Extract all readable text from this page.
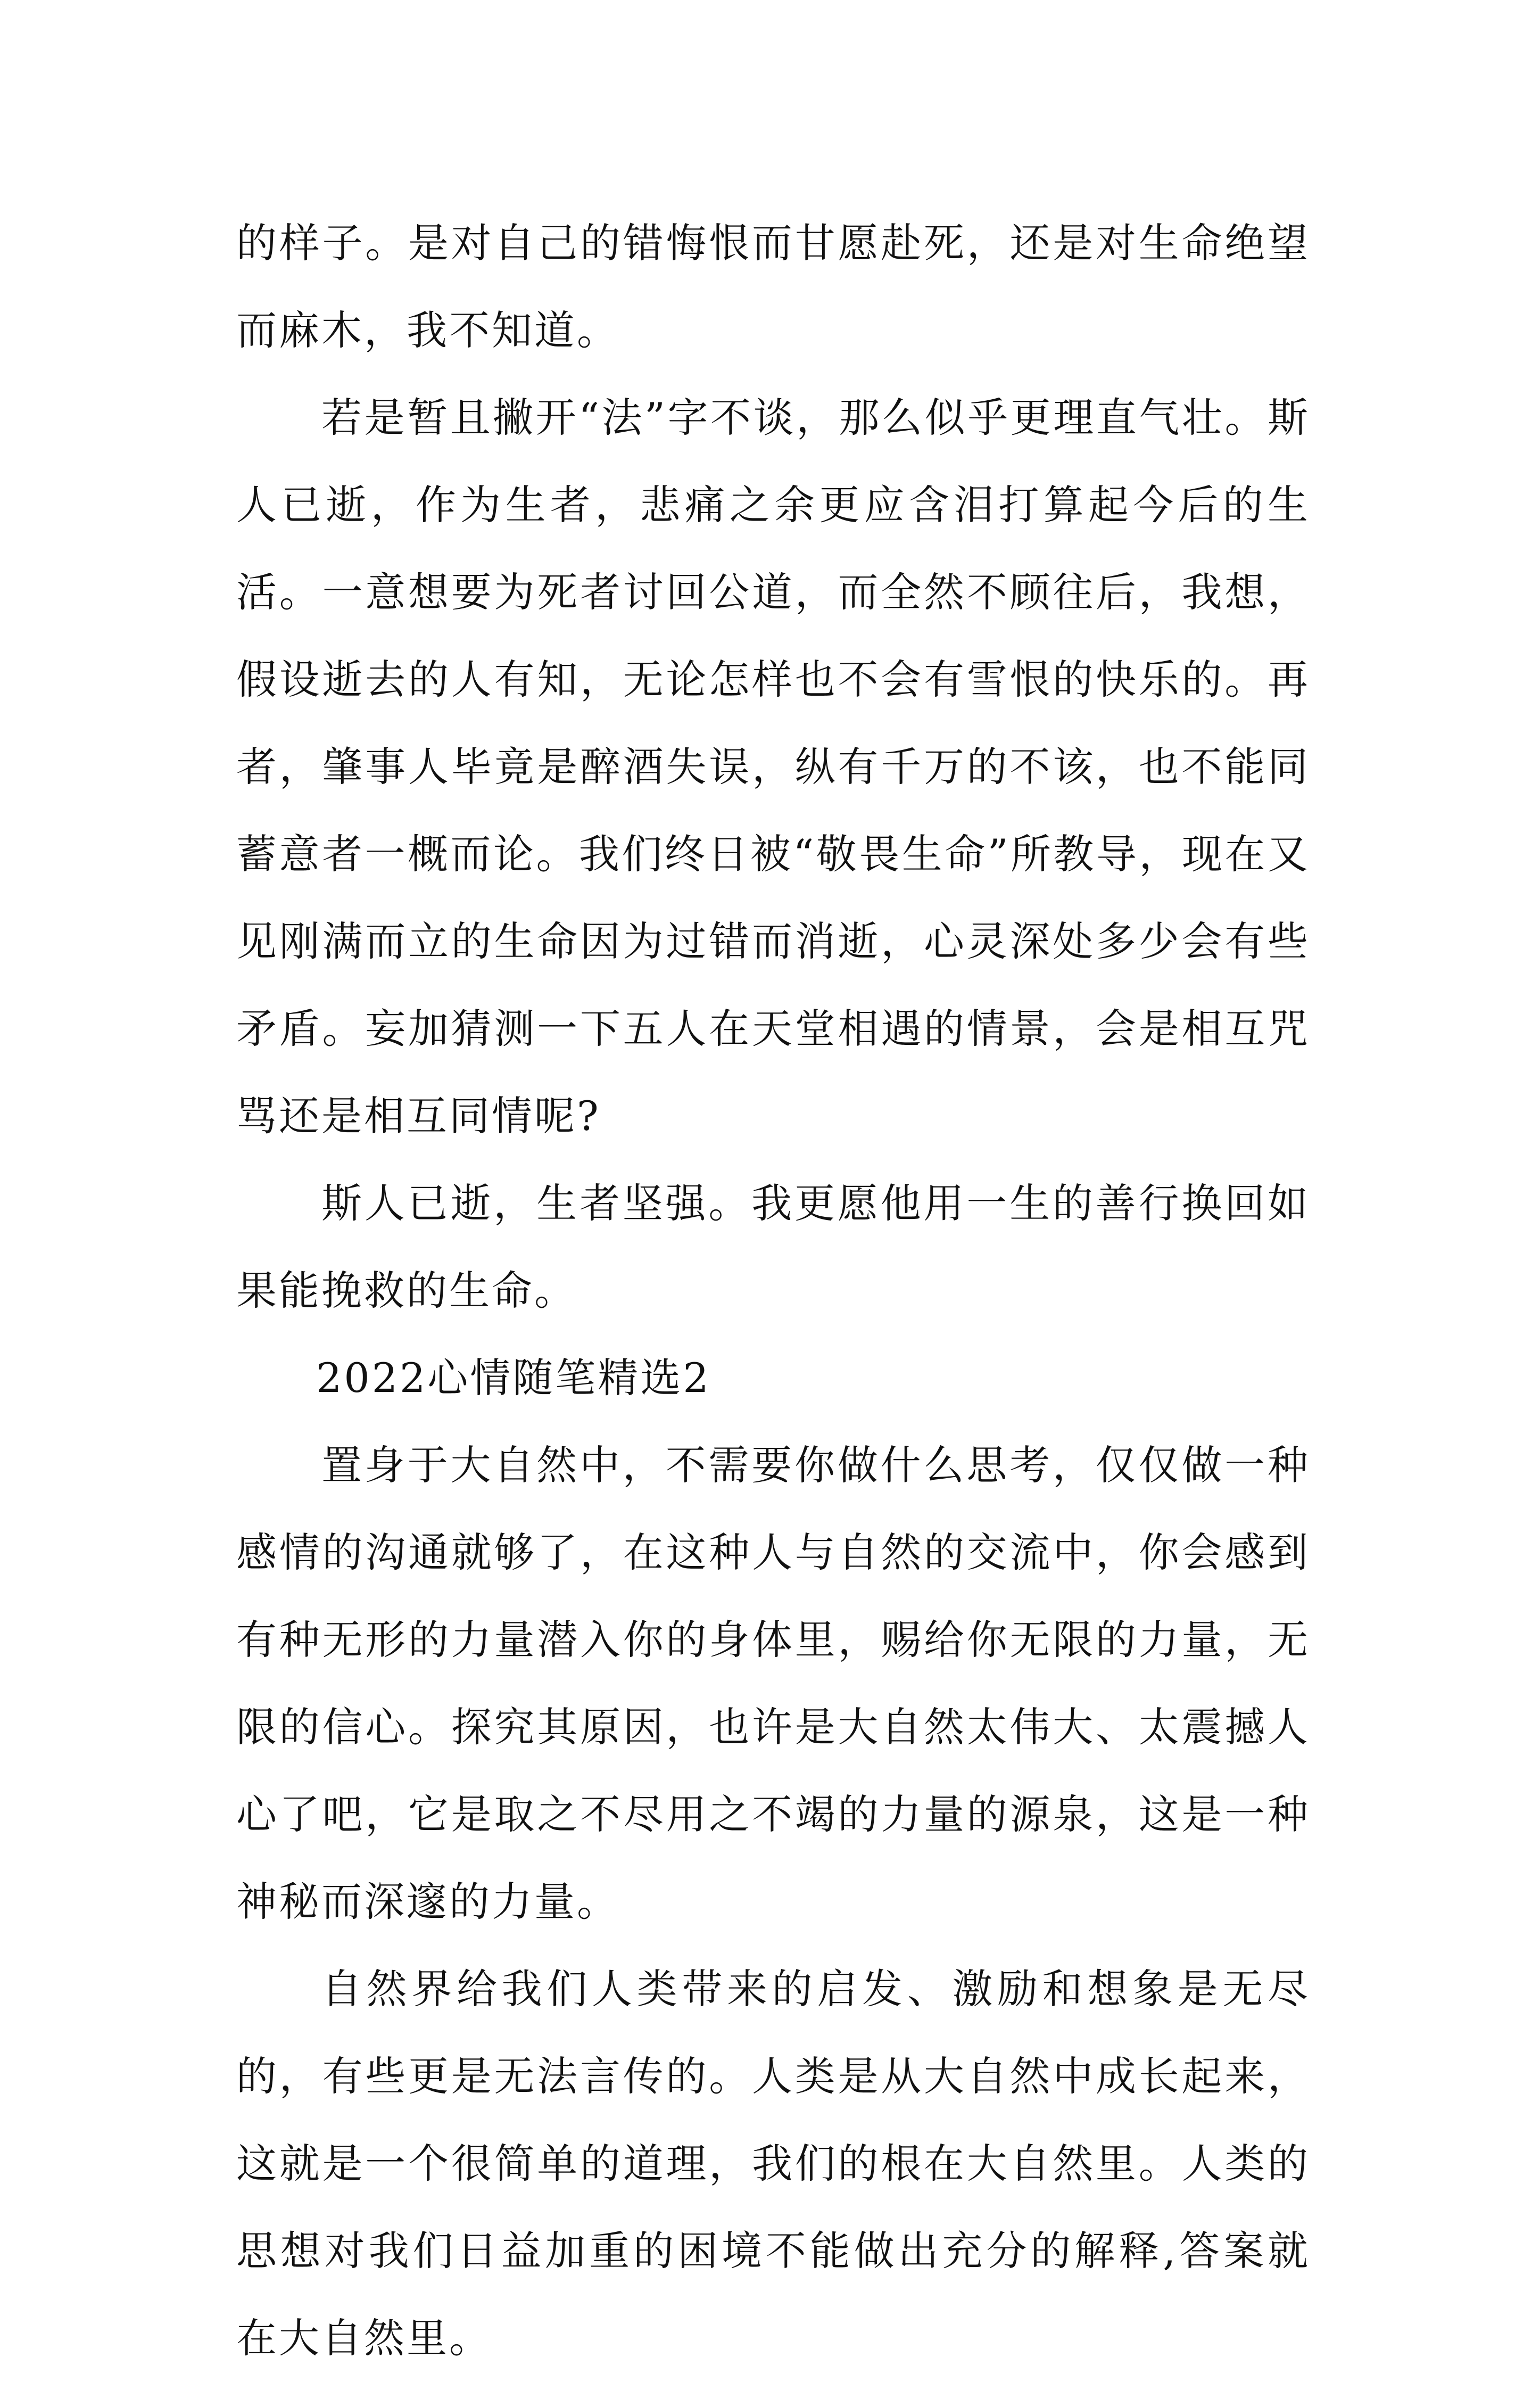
的样子。是对自己的错悔恨而甘愿赴死，还是对生命绝望而麻木，我不知道。

若是暂且撇开“法”字不谈，那么似乎更理直气壮。斯人已逝，作为生者，悲痛之余更应含泪打算起今后的生活。一意想要为死者讨回公道，而全然不顾往后，我想，假设逝去的人有知，无论怎样也不会有雪恨的快乐的。再者，肇事人毕竟是醉酒失误，纵有千万的不该，也不能同蓄意者一概而论。我们终日被“敬畏生命”所教导，现在又见刚满而立的生命因为过错而消逝，心灵深处多少会有些矛盾。妄加猜测一下五人在天堂相遇的情景，会是相互咒骂还是相互同情呢?

斯人已逝，生者坚强。我更愿他用一生的善行换回如果能挽救的生命。

2022心情随笔精选2

置身于大自然中，不需要你做什么思考，仅仅做一种感情的沟通就够了，在这种人与自然的交流中，你会感到有种无形的力量潜入你的身体里，赐给你无限的力量，无限的信心。探究其原因，也许是大自然太伟大、太震撼人心了吧，它是取之不尽用之不竭的力量的源泉，这是一种神秘而深邃的力量。

自然界给我们人类带来的启发、激励和想象是无尽的，有些更是无法言传的。人类是从大自然中成长起来，这就是一个很简单的道理，我们的根在大自然里。人类的思想对我们日益加重的困境不能做出充分的解释,答案就在大自然里。
